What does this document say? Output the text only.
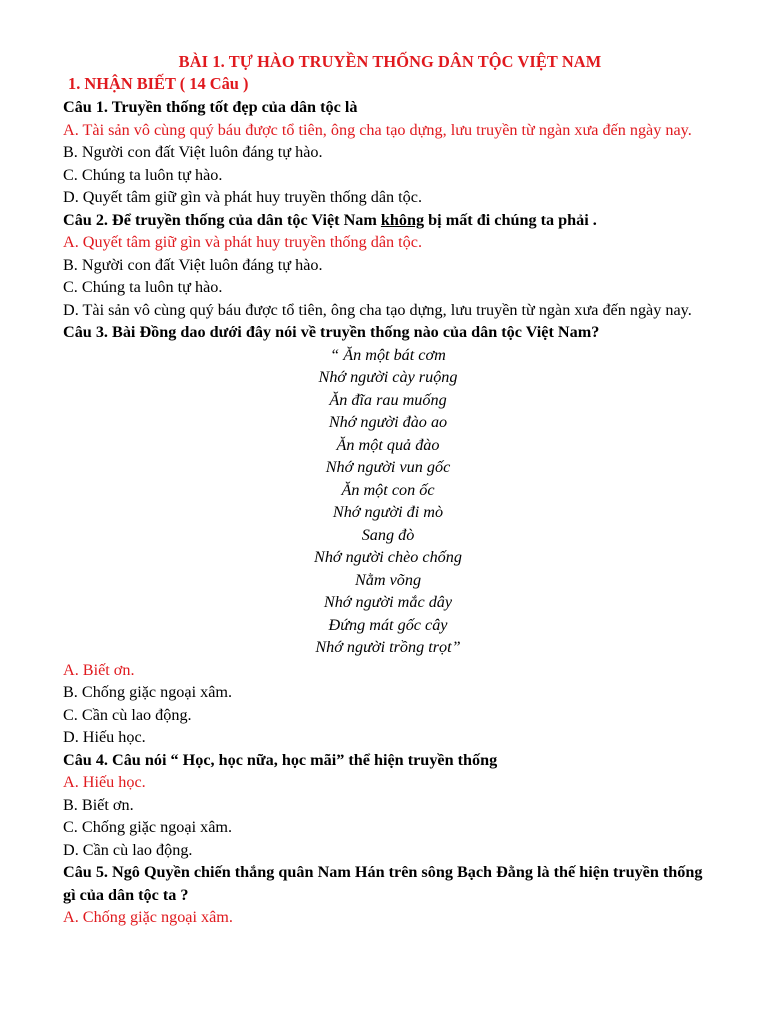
BÀI 1. TỰ HÀO TRUYỀN THỐNG DÂN TỘC VIỆT NAM
1. NHẬN BIẾT ( 14 Câu )

Câu 1. Truyền thống tốt đẹp của dân tộc là

A. Tài sản vô cùng quý báu được tổ tiên, ông cha tạo dựng, lưu truyền từ ngàn xưa đến ngày nay.

B. Người con đất Việt luôn đáng tự hào.

C. Chúng ta luôn tự hào.

D. Quyết tâm giữ gìn và phát huy truyền thống dân tộc.

Câu 2. Để truyền thống của dân tộc Việt Nam không bị mất đi chúng ta phải .

A. Quyết tâm giữ gìn và phát huy truyền thống dân tộc.

B. Người con đất Việt luôn đáng tự hào.

C. Chúng ta luôn tự hào.

D. Tài sản vô cùng quý báu được tổ tiên, ông cha tạo dựng, lưu truyền từ ngàn xưa đến ngày nay.

Câu 3. Bài Đồng dao dưới đây nói về truyền thống nào của dân tộc Việt Nam?

“ Ăn một bát cơm

Nhớ người cày ruộng

Ăn đĩa rau muống

Nhớ người đào ao

Ăn một quả đào

Nhớ người vun gốc

Ăn một con ốc

Nhớ người đi mò

Sang đò

Nhớ người chèo chống

Nằm võng

Nhớ người mắc dây

Đứng mát gốc cây

Nhớ người trồng trọt”

A. Biết ơn.

B. Chống giặc ngoại xâm.

C. Cần cù lao động.

D. Hiếu học.

Câu 4. Câu nói “ Học, học nữa, học mãi” thể hiện truyền thống

A. Hiếu học.

B. Biết ơn.

C. Chống giặc ngoại xâm.

D. Cần cù lao động.

Câu 5. Ngô Quyền chiến thắng quân Nam Hán trên sông Bạch Đằng là thế hiện truyền thống gì của dân tộc ta ?

A. Chống giặc ngoại xâm.
